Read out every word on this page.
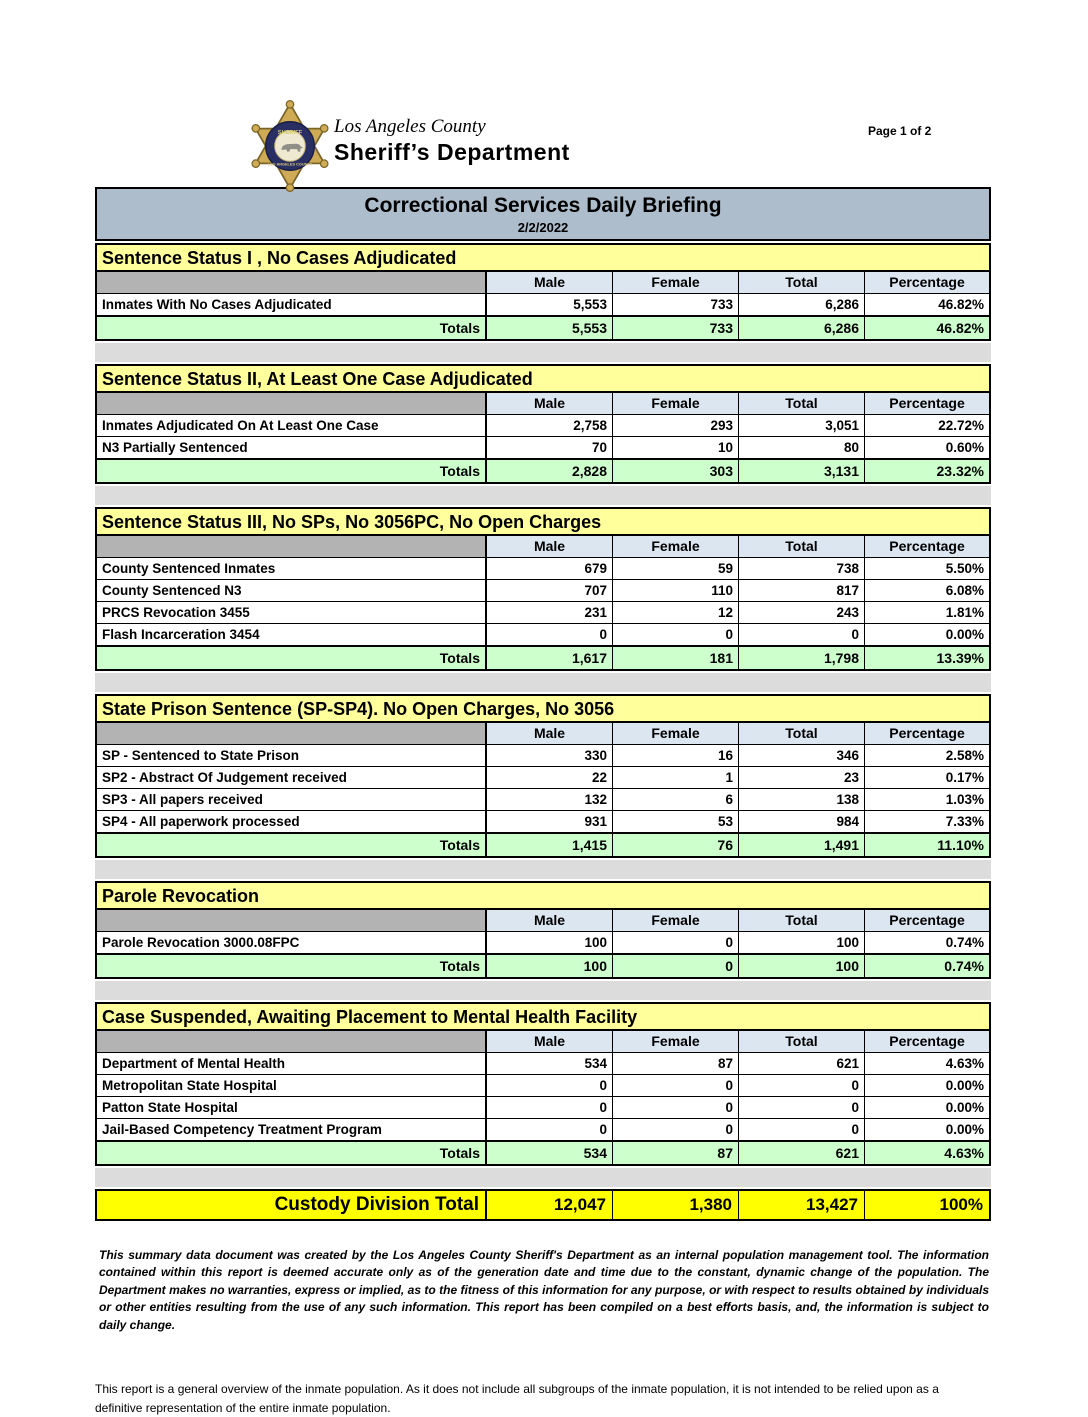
SHERIFF
LOS ANGELES COUNTY
Los Angeles County
Sheriff’s Department
Page 1 of 2
Correctional Services Daily Briefing
2/2/2022
Sentence Status I , No Cases Adjudicated
Male	Female	Total	Percentage
Inmates With No Cases Adjudicated	5,553	733	6,286	46.82%
Totals	5,553	733	6,286	46.82%
Sentence Status II, At Least One Case Adjudicated
Male	Female	Total	Percentage
Inmates Adjudicated On At Least One Case	2,758	293	3,051	22.72%
N3 Partially Sentenced	70	10	80	0.60%
Totals	2,828	303	3,131	23.32%
Sentence Status III, No SPs, No 3056PC, No Open Charges
Male	Female	Total	Percentage
County Sentenced Inmates	679	59	738	5.50%
County Sentenced N3	707	110	817	6.08%
PRCS Revocation 3455	231	12	243	1.81%
Flash Incarceration 3454	0	0	0	0.00%
Totals	1,617	181	1,798	13.39%
State Prison Sentence (SP-SP4). No Open Charges, No 3056
Male	Female	Total	Percentage
SP - Sentenced to State Prison	330	16	346	2.58%
SP2 - Abstract Of Judgement received	22	1	23	0.17%
SP3 - All papers received	132	6	138	1.03%
SP4 - All paperwork processed	931	53	984	7.33%
Totals	1,415	76	1,491	11.10%
Parole Revocation
Male	Female	Total	Percentage
Parole Revocation 3000.08FPC	100	0	100	0.74%
Totals	100	0	100	0.74%
Case Suspended, Awaiting Placement to Mental Health Facility
Male	Female	Total	Percentage
Department of Mental Health	534	87	621	4.63%
Metropolitan State Hospital	0	0	0	0.00%
Patton State Hospital	0	0	0	0.00%
Jail-Based Competency Treatment Program	0	0	0	0.00%
Totals	534	87	621	4.63%
Custody Division Total	12,047	1,380	13,427	100%
This summary data document was created by the Los Angeles County Sheriff's Department as an internal population management tool. The information contained within this report is deemed accurate only as of the generation date and time due to the constant, dynamic change of the population. The Department makes no warranties, express or implied, as to the fitness of this information for any purpose, or with respect to results obtained by individuals or other entities resulting from the use of any such information. This report has been compiled on a best efforts basis, and, the information is subject to daily change.
This report is a general overview of the inmate population. As it does not include all subgroups of the inmate population, it is not intended to be relied upon as a definitive representation of the entire inmate population.
